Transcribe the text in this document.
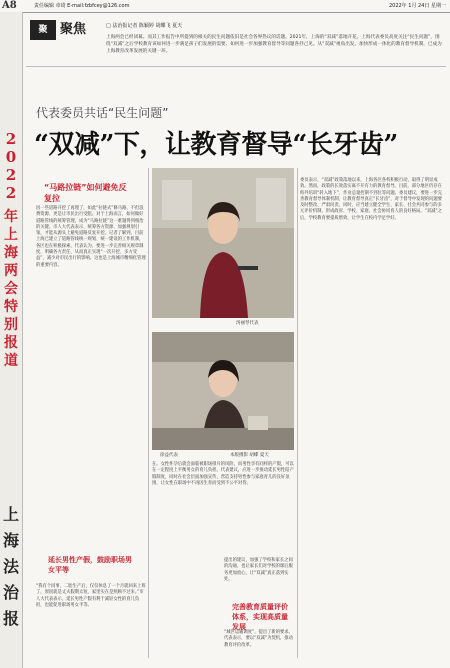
A8	责任编辑 章琦 E-mail:fzbfcey@126.com	2022年 1月 24日 星期一
2
0
2
2
年
上
海
两
会
特
别
报
道
上
海
法
治
报
聚 聚焦	□ 法治报记者 陈颖婷 胡蝶飞 夏天
上海两会已经闭幕。而其工作报告中所提到的相关的民生问题依旧是社会各界热议的话题。2021年，上海的“双减”落地开花，上海代表委员高度关注“民生问题”，围绕“双减”之后学校教育该如何进一步满足孩子们发展的需要、如何进一步加强教育督导等问题各抒己见。从“双减”视角出发，加快形成一体化的教育督导机制，已成为上海教育改革发展的关键一环。
代表委员共话“民生问题”
“双减”下，让教育督导“长牙齿”
“马路拉链”如何避免反复拉
因一些道路开挖了再埋了，如此“拉链式”修马路，不但浪费资源、更是让市民出行受阻。对于上海而言，如何做好道路管线的统筹管理，成为“马路拉链”这一难题得到根治的关键。市人大代表表示，统筹各方资源、加强规划引领，才能从源头上避免道路反复开挖。记者了解到，目前上海已建立了道路管线统一规划、统一建设的工作机制，各区也在积极探索。代表认为，要进一步完善相关规章制度，明确各方责任，从而真正实现“一次开挖、多方受益”，减少对市民出行的影响。这也是上海城市精细化管理的重要内容。
延长男性产假，鼓励职场男女平等
“我有个同事，二胎生产后，仅仅休息了一个月就回来上班了，原因就是丈夫假期太短，家里实在是照顾不过来。”市人大代表表示，延长男性产假有利于减轻女性的育儿负担，也能促进职场男女平等。
汤丽琴代表
徐益代表	本版摄影 胡蝶 夏天
在。女性怀孕后就会面临被职场排斥的风险，而男性享有同样的产假，可以在一定程度上平衡男女的育儿负担。代表建议，应进一步推动延长男性陪产假制度，同时在社会层面加强宣传，营造支持男性参与家庭育儿的良好氛围，让女性在职场中不再因生育而受到不公平对待。
委员表示，“双减”政策落地以来，上海各区各校积极行动，取得了明显成效。然而，政策的长效落实离不开有力的教育督导。目前，部分地区仍存在校外培训“转入地下”、作业总量控制不到位等问题。委员建议，要进一步完善教育督导体制机制，让教育督导真正“长牙齿”，对于督导中发现的问题要及时整改、严肃问责。同时，应当建立健全学生、家长、社会共同参与的多元评价机制，形成政府、学校、家庭、社会协同育人的良好格局。“双减”之后，学校教育要提质增效，让学生在校内学足学好。
提出的建议，加强了学校和家长之间的沟通，也让家长们对学校的课后服务更加放心，让“双减”真正落到实处。
完善教育质量评价体系，实现高质量发展
“城区运输调度”，提出了新的要求。代表表示，要以“双减”为契机，推动教育评价改革。
